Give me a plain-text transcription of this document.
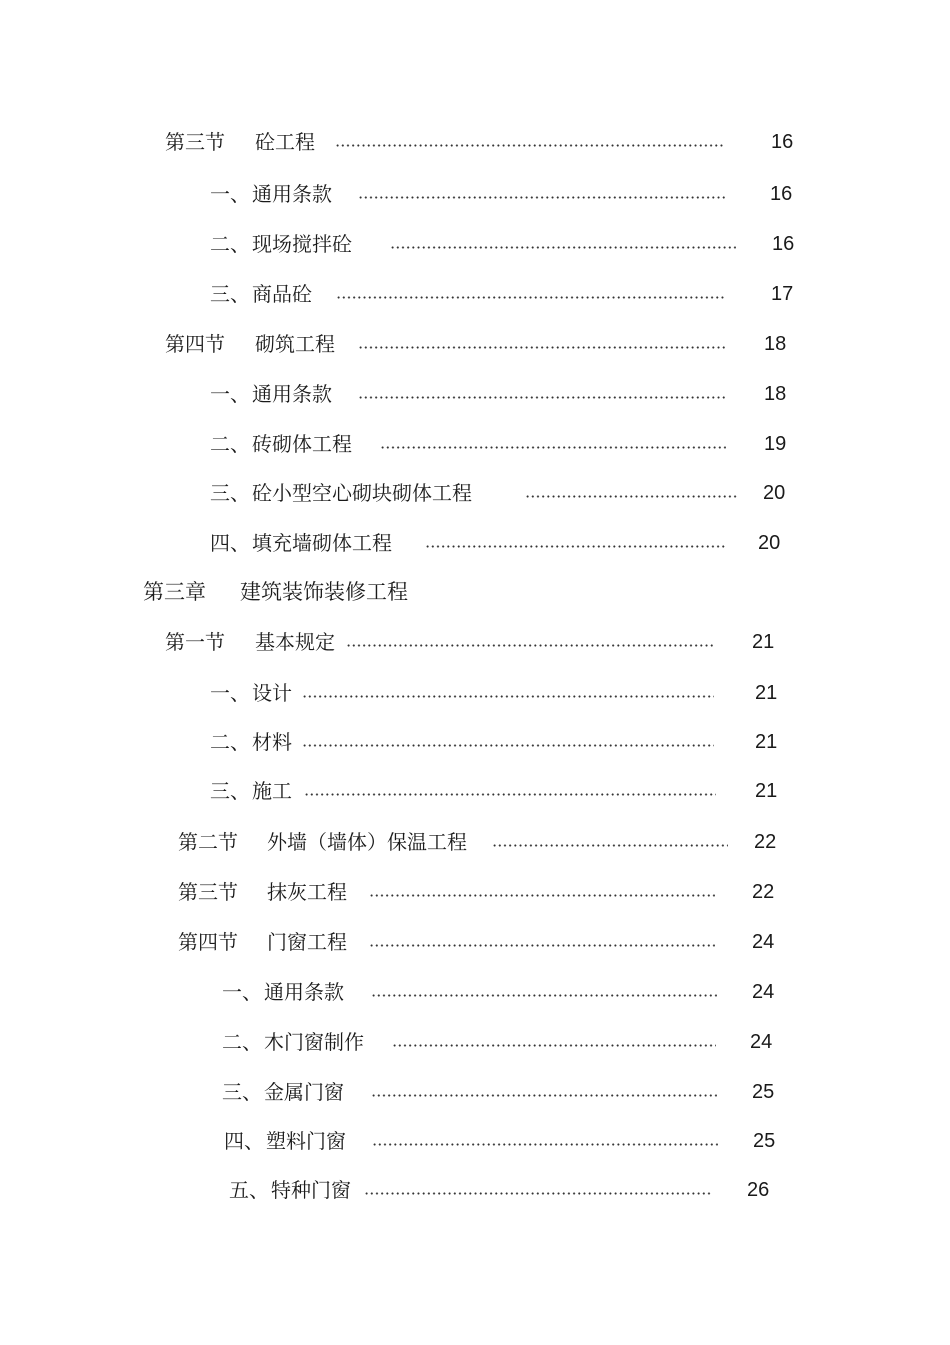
第三节 砼工程	16
一、 通用条款	16
二、 现场搅拌砼	16
三、 商品砼	17
第四节 砌筑工程	18
一、 通用条款	18
二、 砖砌体工程	19
三、 砼小型空心砌块砌体工程	20
四、 填充墙砌体工程	20
第三章 建筑装饰装修工程
第一节 基本规定	21
一、 设计	21
二、 材料	21
三、 施工	21
第二节 外墙（墙体）保温工程	22
第三节 抹灰工程	22
第四节 门窗工程	24
一、 通用条款	24
二、 木门窗制作	24
三、 金属门窗	25
四、 塑料门窗	25
五、 特种门窗	26
